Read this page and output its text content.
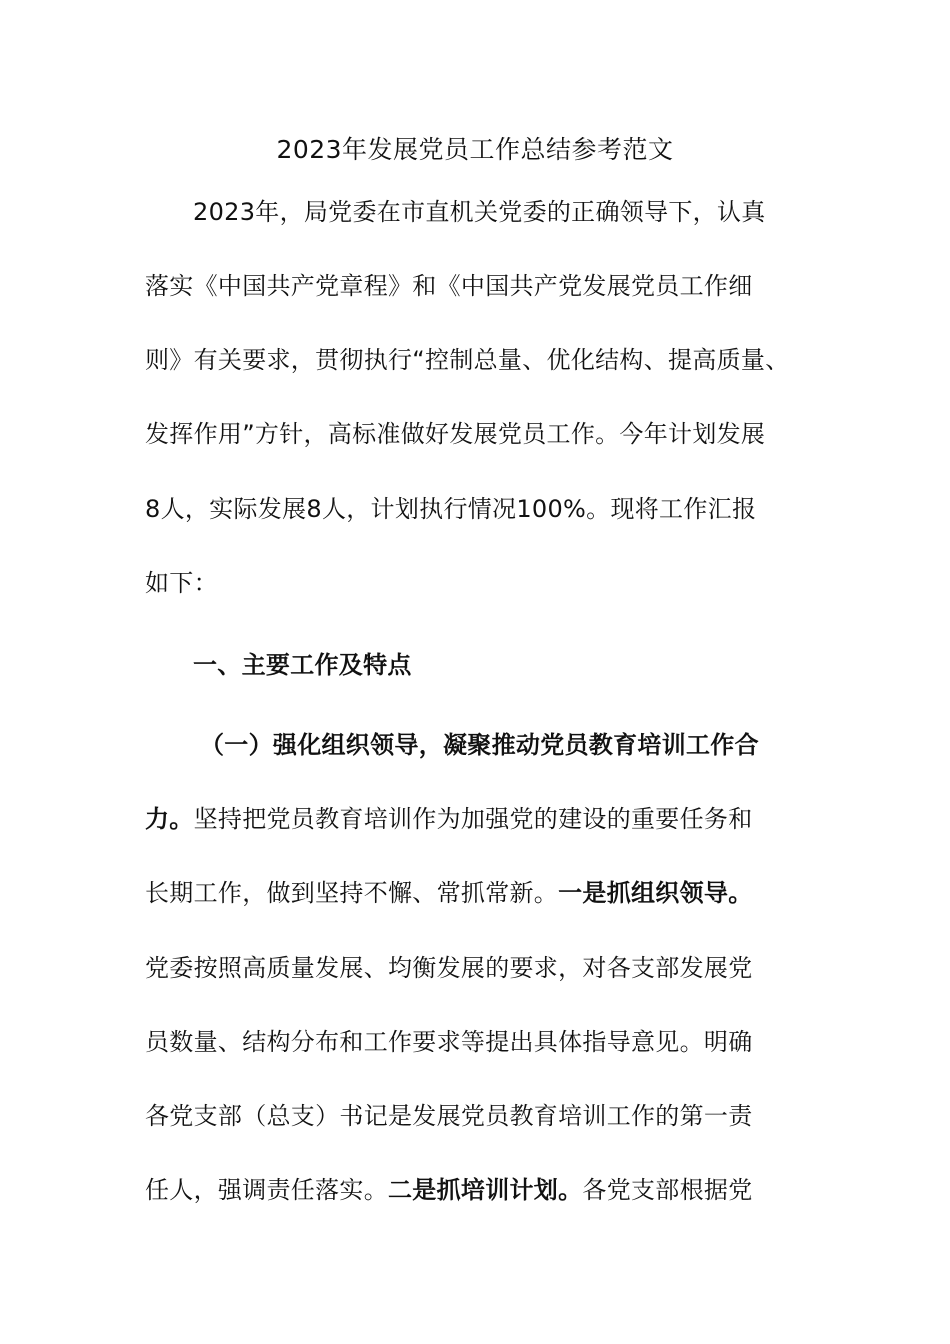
2023年发展党员工作总结参考范文
2023年，局党委在市直机关党委的正确领导下，认真
落实《中国共产党章程》和《中国共产党发展党员工作细
则》有关要求，贯彻执行“控制总量、优化结构、提高质量、
发挥作用”方针，高标准做好发展党员工作。今年计划发展
8人，实际发展8人，计划执行情况100%。现将工作汇报
如下：
一、主要工作及特点
（一）强化组织领导，凝聚推动党员教育培训工作合
力。坚持把党员教育培训作为加强党的建设的重要任务和
长期工作，做到坚持不懈、常抓常新。一是抓组织领导。
党委按照高质量发展、均衡发展的要求，对各支部发展党
员数量、结构分布和工作要求等提出具体指导意见。明确
各党支部（总支）书记是发展党员教育培训工作的第一责
任人，强调责任落实。二是抓培训计划。各党支部根据党
